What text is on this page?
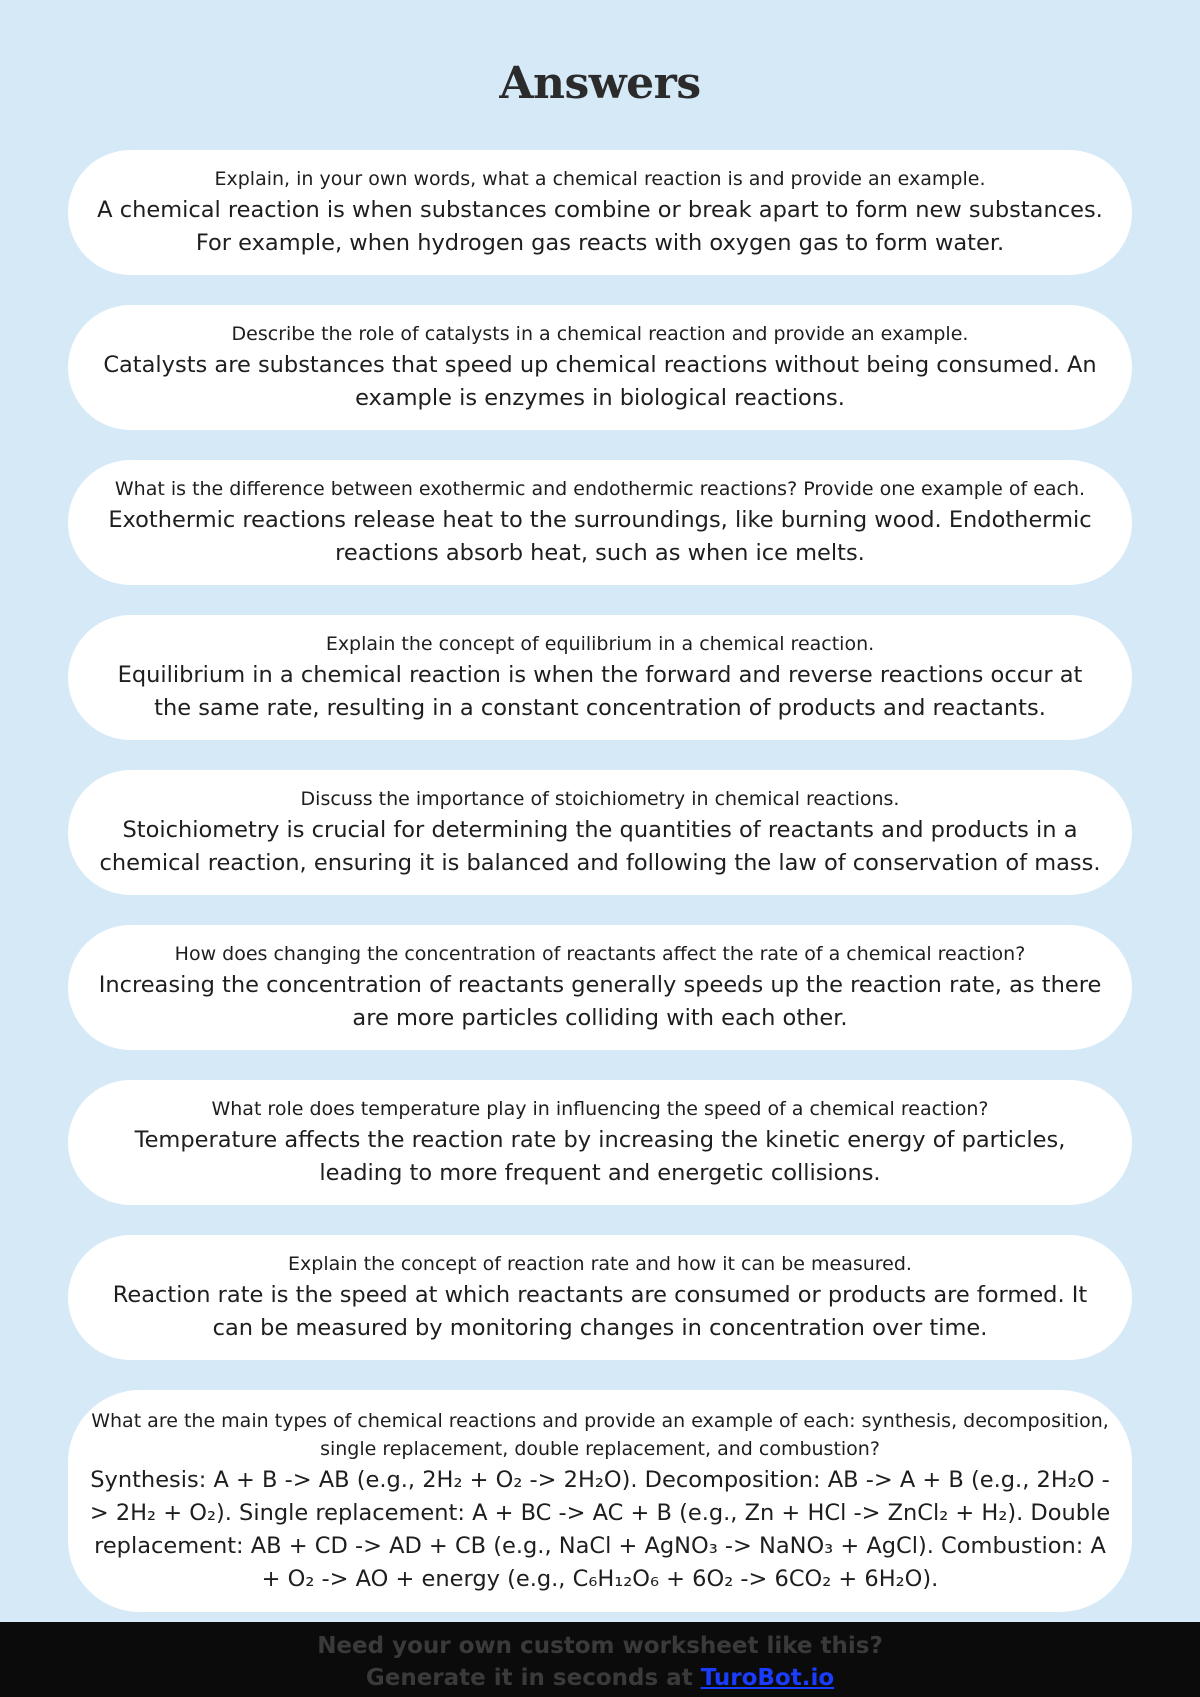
Answers
Explain, in your own words, what a chemical reaction is and provide an example.
A chemical reaction is when substances combine or break apart to form new substances. For example, when hydrogen gas reacts with oxygen gas to form water.
Describe the role of catalysts in a chemical reaction and provide an example.
Catalysts are substances that speed up chemical reactions without being consumed. An example is enzymes in biological reactions.
What is the difference between exothermic and endothermic reactions? Provide one example of each.
Exothermic reactions release heat to the surroundings, like burning wood. Endothermic reactions absorb heat, such as when ice melts.
Explain the concept of equilibrium in a chemical reaction.
Equilibrium in a chemical reaction is when the forward and reverse reactions occur at the same rate, resulting in a constant concentration of products and reactants.
Discuss the importance of stoichiometry in chemical reactions.
Stoichiometry is crucial for determining the quantities of reactants and products in a chemical reaction, ensuring it is balanced and following the law of conservation of mass.
How does changing the concentration of reactants affect the rate of a chemical reaction?
Increasing the concentration of reactants generally speeds up the reaction rate, as there are more particles colliding with each other.
What role does temperature play in influencing the speed of a chemical reaction?
Temperature affects the reaction rate by increasing the kinetic energy of particles, leading to more frequent and energetic collisions.
Explain the concept of reaction rate and how it can be measured.
Reaction rate is the speed at which reactants are consumed or products are formed. It can be measured by monitoring changes in concentration over time.
What are the main types of chemical reactions and provide an example of each: synthesis, decomposition, single replacement, double replacement, and combustion?
Synthesis: A + B -> AB (e.g., 2H₂ + O₂ -> 2H₂O). Decomposition: AB -> A + B (e.g., 2H₂O -> 2H₂ + O₂). Single replacement: A + BC -> AC + B (e.g., Zn + HCl -> ZnCl₂ + H₂). Double replacement: AB + CD -> AD + CB (e.g., NaCl + AgNO₃ -> NaNO₃ + AgCl). Combustion: A + O₂ -> AO + energy (e.g., C₆H₁₂O₆ + 6O₂ -> 6CO₂ + 6H₂O).
Need your own custom worksheet like this?
Generate it in seconds at TuroBot.io
